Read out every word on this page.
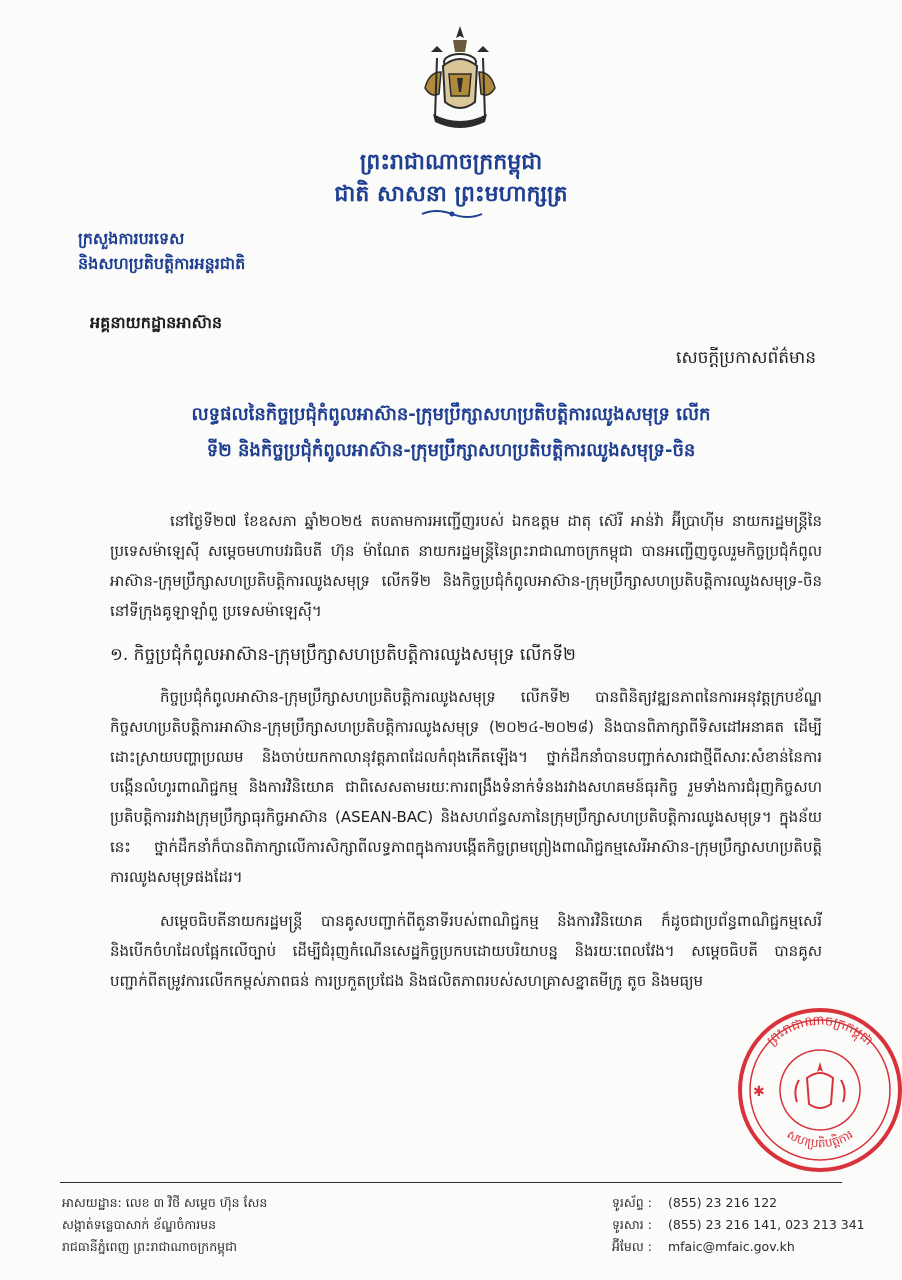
ព្រះរាជាណាចក្រកម្ពុជា
ជាតិ សាសនា ព្រះមហាក្សត្រ
ក្រសួងការបរទេស
និងសហប្រតិបត្តិការអន្តរជាតិ
អគ្គនាយកដ្ឋានអាស៊ាន
សេចក្តីប្រកាសព័ត៌មាន
លទ្ធផលនៃកិច្ចប្រជុំកំពូលអាស៊ាន-ក្រុមប្រឹក្សាសហប្រតិបត្តិការឈូងសមុទ្រ លើក
ទី២ និងកិច្ចប្រជុំកំពូលអាស៊ាន-ក្រុមប្រឹក្សាសហប្រតិបត្តិការឈូងសមុទ្រ-ចិន

នៅថ្ងៃទី២៧ ខែឧសភា ឆ្នាំ២០២៥ តបតាមការអញ្ជើញរបស់ ឯកឧត្តម ដាតុ ស៊េរី អាន់វ៉ា អ៊ីប្រាហ៊ីម នាយករដ្ឋមន្ត្រីនៃប្រទេសម៉ាឡេស៊ី សម្តេចមហាបវរធិបតី ហ៊ុន ម៉ាណែត នាយករដ្ឋមន្ត្រីនៃព្រះរាជាណាចក្រកម្ពុជា បានអញ្ជើញចូលរួមកិច្ចប្រជុំកំពូលអាស៊ាន-ក្រុមប្រឹក្សាសហប្រតិបត្តិការឈូងសមុទ្រ លើកទី២ និងកិច្ចប្រជុំកំពូលអាស៊ាន-ក្រុមប្រឹក្សាសហប្រតិបត្តិការឈូងសមុទ្រ-ចិន នៅទីក្រុងគូឡាឡាំពួ ប្រទេសម៉ាឡេស៊ី។

១. កិច្ចប្រជុំកំពូលអាស៊ាន-ក្រុមប្រឹក្សាសហប្រតិបត្តិការឈូងសមុទ្រ លើកទី២

កិច្ចប្រជុំកំពូលអាស៊ាន-ក្រុមប្រឹក្សាសហប្រតិបត្តិការឈូងសមុទ្រ លើកទី២ បានពិនិត្យវឌ្ឍនភាពនៃការអនុវត្តក្របខ័ណ្ឌកិច្ចសហប្រតិបត្តិការអាស៊ាន-ក្រុមប្រឹក្សាសហប្រតិបត្តិការឈូងសមុទ្រ (២០២៤-២០២៨) និងបានពិភាក្សាពីទិសដៅអនាគត ដើម្បីដោះស្រាយបញ្ហាប្រឈម និងចាប់យកកាលានុវត្តភាពដែលកំពុងកើតឡើង។ ថ្នាក់ដឹកនាំបានបញ្ជាក់សារជាថ្មីពីសារៈសំខាន់នៃការបង្កើនលំហូរពាណិជ្ជកម្ម និងការវិនិយោគ ជាពិសេសតាមរយៈការពង្រឹងទំនាក់ទំនងរវាងសហគមន៍ធុរកិច្ច រួមទាំងការជំរុញកិច្ចសហប្រតិបត្តិការរវាងក្រុមប្រឹក្សាធុរកិច្ចអាស៊ាន (ASEAN-BAC) និងសហព័ន្ធសភានៃក្រុមប្រឹក្សាសហប្រតិបត្តិការឈូងសមុទ្រ។ ក្នុងន័យនេះ ថ្នាក់ដឹកនាំក៏បានពិភាក្សាលើការសិក្សាពីលទ្ធភាពក្នុងការបង្កើតកិច្ចព្រមព្រៀងពាណិជ្ជកម្មសេរីអាស៊ាន-ក្រុមប្រឹក្សាសហប្រតិបត្តិការឈូងសមុទ្រផងដែរ។

សម្តេចធិបតីនាយករដ្ឋមន្ត្រី បានគូសបញ្ជាក់ពីតួនាទីរបស់ពាណិជ្ជកម្ម និងការវិនិយោគ ក៏ដូចជាប្រព័ន្ធពាណិជ្ជកម្មសេរី និងបើកចំហដែលផ្អែកលើច្បាប់ ដើម្បីជំរុញកំណើនសេដ្ឋកិច្ចប្រកបដោយបរិយាបន្ន និងរយៈពេលវែង។ សម្តេចធិបតី បានគូសបញ្ជាក់ពីតម្រូវការលើកកម្ពស់ភាពធន់ ការប្រកួតប្រជែង និងផលិតភាពរបស់សហគ្រាសខ្នាតមីក្រូ តូច និងមធ្យម

ព្រះរាជាណាចក្រកម្ពុជា
សហប្រតិបត្តិការ
✱
អាសយដ្ឋាន: លេខ ៣ វិថី សម្តេច ហ៊ុន សែន
សង្កាត់ទន្លេបាសាក់ ខ័ណ្ឌចំការមន
រាជធានីភ្នំពេញ ព្រះរាជាណាចក្រកម្ពុជា
ទូរស័ព្ទ : (855) 23 216 122
ទូរសារ : (855) 23 216 141, 023 213 341
អ៊ីមែល : mfaic@mfaic.gov.kh
